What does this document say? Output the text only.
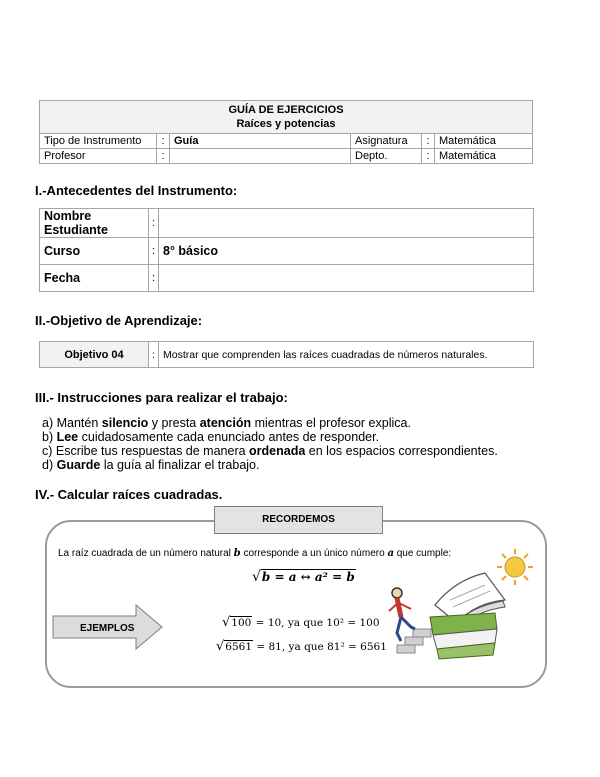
GUÍA DE EJERCICIOS
Raíces y potencias					

Tipo de Instrumento	:	Guía	Asignatura	:	Matemática
Profesor	:		Depto.	:	Matemática
I.-Antecedentes del Instrumento:
Nombre Estudiante	:	
Curso	:	8° básico
Fecha	:	
II.-Objetivo de Aprendizaje:
Objetivo 04	:	Mostrar que comprenden las raíces cuadradas de números naturales.
III.- Instrucciones para realizar el trabajo:
a) Mantén silencio y presta atención mientras el profesor explica.
b) Lee cuidadosamente cada enunciado antes de responder.
c) Escribe tus respuestas de manera ordenada en los espacios correspondientes.
d) Guarde la guía al finalizar el trabajo.
IV.- Calcular raíces cuadradas.
RECORDEMOS
La raíz cuadrada de un número natural b corresponde a un único número a que cumple:
√b = a ↔ a² = b
EJEMPLOS	√100 = 10, ya que 10² = 100
√6561 = 81, ya que 81² = 6561
